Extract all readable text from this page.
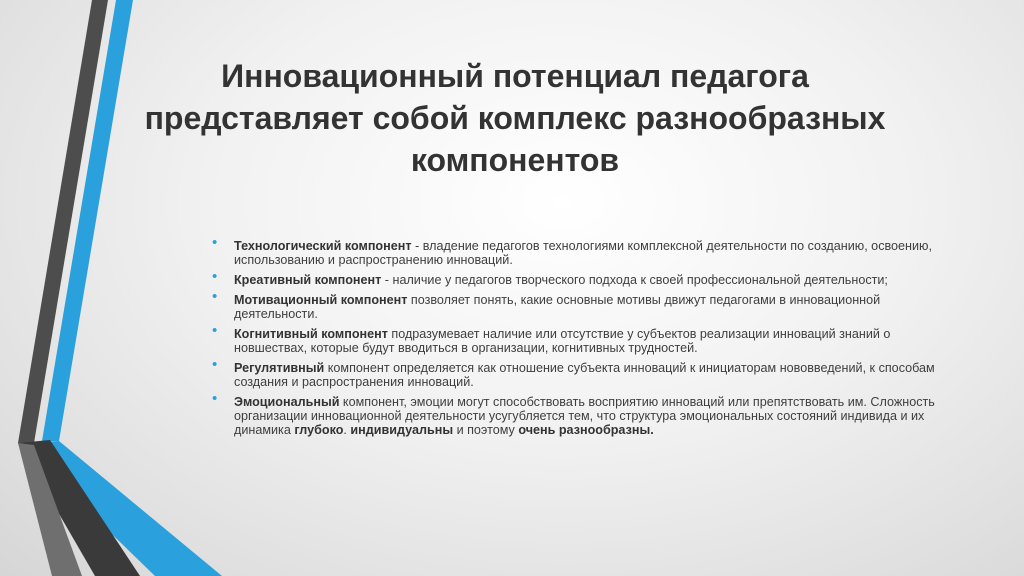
Инновационный потенциал педагога
представляет собой комплекс разнообразных
компонентов
• Технологический компонент - владение педагогов технологиями комплексной деятельности по созданию, освоению, использованию и распространению инноваций.
• Креативный компонент - наличие у педагогов творческого подхода к своей профессиональной деятельности;
• Мотивационный компонент позволяет понять, какие основные мотивы движут педагогами в инновационной деятельности.
• Когнитивный компонент подразумевает наличие или отсутствие у субъектов реализации инноваций знаний о новшествах, которые будут вводиться в организации, когнитивных трудностей.
• Регулятивный компонент определяется как отношение субъекта инноваций к инициаторам нововведений, к способам создания и распространения инноваций.
• Эмоциональный компонент, эмоции могут способствовать восприятию инноваций или препятствовать им. Сложность организации инновационной деятельности усугубляется тем, что структура эмоциональных состояний индивида и их динамика глубоко. индивидуальны и поэтому очень разнообразны.
